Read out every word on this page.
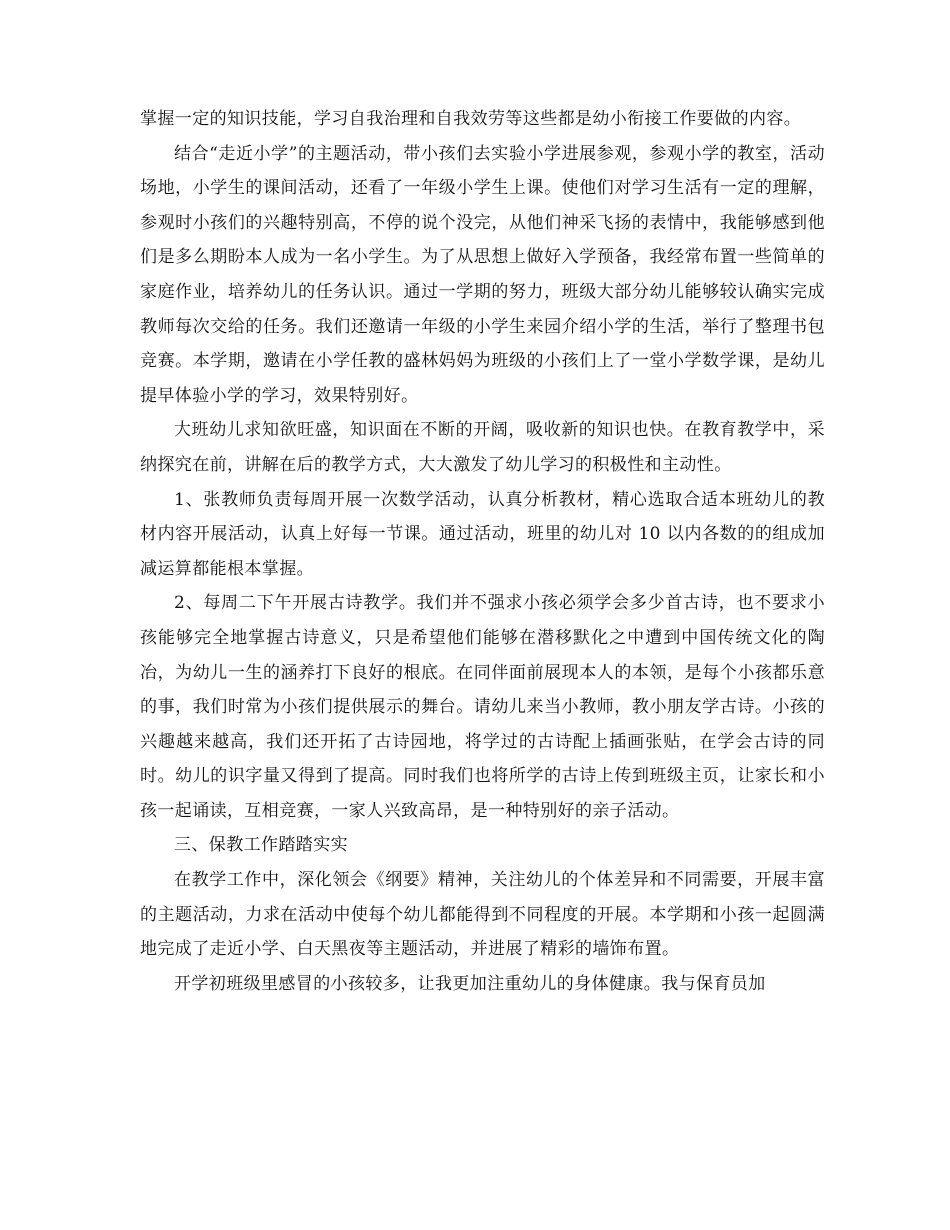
掌握一定的知识技能，学习自我治理和自我效劳等这些都是幼小衔接工作要做的内容。

结合“走近小学”的主题活动，带小孩们去实验小学进展参观，参观小学的教室，活动场地，小学生的课间活动，还看了一年级小学生上课。使他们对学习生活有一定的理解，参观时小孩们的兴趣特别高，不停的说个没完，从他们神采飞扬的表情中，我能够感到他们是多么期盼本人成为一名小学生。为了从思想上做好入学预备，我经常布置一些简单的家庭作业，培养幼儿的任务认识。通过一学期的努力，班级大部分幼儿能够较认确实完成教师每次交给的任务。我们还邀请一年级的小学生来园介绍小学的生活，举行了整理书包竞赛。本学期，邀请在小学任教的盛林妈妈为班级的小孩们上了一堂小学数学课，是幼儿提早体验小学的学习，效果特别好。

大班幼儿求知欲旺盛，知识面在不断的开阔，吸收新的知识也快。在教育教学中，采纳探究在前，讲解在后的教学方式，大大激发了幼儿学习的积极性和主动性。

1、张教师负责每周开展一次数学活动，认真分析教材，精心选取合适本班幼儿的教材内容开展活动，认真上好每一节课。通过活动，班里的幼儿对 10 以内各数的的组成加减运算都能根本掌握。

2、每周二下午开展古诗教学。我们并不强求小孩必须学会多少首古诗，也不要求小孩能够完全地掌握古诗意义，只是希望他们能够在潜移默化之中遭到中国传统文化的陶冶，为幼儿一生的涵养打下良好的根底。在同伴面前展现本人的本领，是每个小孩都乐意的事，我们时常为小孩们提供展示的舞台。请幼儿来当小教师，教小朋友学古诗。小孩的兴趣越来越高，我们还开拓了古诗园地，将学过的古诗配上插画张贴，在学会古诗的同时。幼儿的识字量又得到了提高。同时我们也将所学的古诗上传到班级主页，让家长和小孩一起诵读，互相竞赛，一家人兴致高昂，是一种特别好的亲子活动。

三、保教工作踏踏实实

在教学工作中，深化领会《纲要》精神，关注幼儿的个体差异和不同需要，开展丰富的主题活动，力求在活动中使每个幼儿都能得到不同程度的开展。本学期和小孩一起圆满地完成了走近小学、白天黑夜等主题活动，并进展了精彩的墙饰布置。

开学初班级里感冒的小孩较多，让我更加注重幼儿的身体健康。我与保育员加
